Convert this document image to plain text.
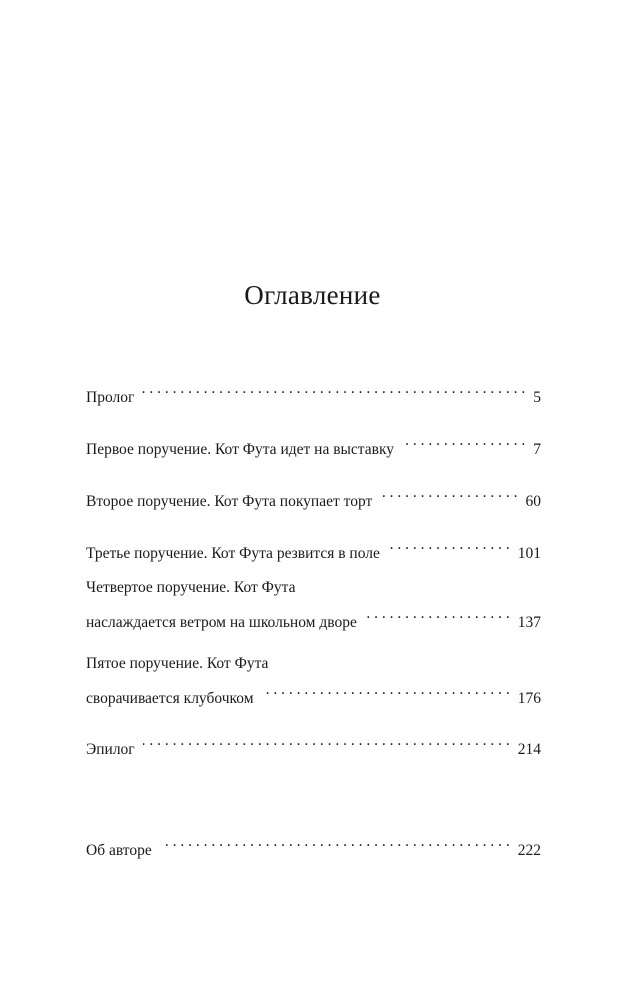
Оглавление
Пролог . . .	5
Первое поручение. Кот Фута идет на выставку . . .	7
Второе поручение. Кот Фута покупает торт . . .	60
Третье поручение. Кот Фута резвится в поле . . .	101
Четвертое поручение. Кот Фута
наслаждается ветром на школьном дворе . . .	137
Пятое поручение. Кот Фута
сворачивается клубочком . . .	176
Эпилог . . .	214
Об авторе . . .	222
